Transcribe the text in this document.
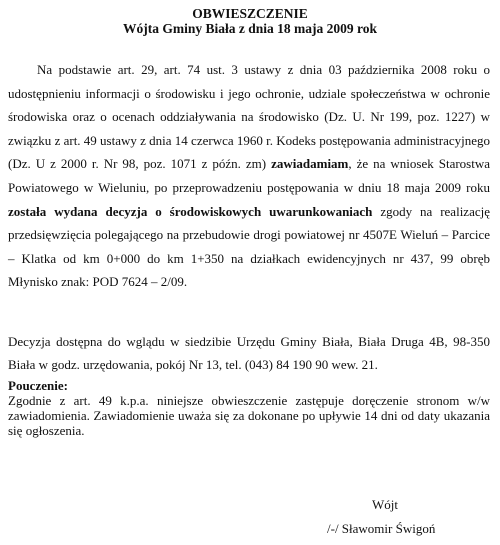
OBWIESZCZENIE
Wójta Gminy Biała z dnia 18 maja 2009 rok
Na podstawie art. 29, art. 74 ust. 3 ustawy z dnia 03 października 2008 roku o udostępnieniu informacji o środowisku i jego ochronie, udziale społeczeństwa w ochronie środowiska oraz o ocenach oddziaływania na środowisko (Dz. U. Nr 199, poz. 1227) w związku z art. 49 ustawy z dnia 14 czerwca 1960 r. Kodeks postępowania administracyjnego (Dz. U z 2000 r. Nr 98, poz. 1071 z późn. zm) zawiadamiam, że na wniosek Starostwa Powiatowego w Wieluniu, po przeprowadzeniu postępowania w dniu 18 maja 2009 roku została wydana decyzja o środowiskowych uwarunkowaniach zgody na realizację przedsięwzięcia polegającego na przebudowie drogi powiatowej nr 4507E Wieluń – Parcice – Klatka od km 0+000 do km 1+350 na działkach ewidencyjnych nr 437, 99 obręb Młynisko znak: POD 7624 – 2/09.
Decyzja dostępna do wglądu w siedzibie Urzędu Gminy Biała, Biała Druga 4B, 98-350 Biała w godz. urzędowania, pokój Nr 13, tel. (043) 84 190 90 wew. 21.
Pouczenie:
Zgodnie z art. 49 k.p.a. niniejsze obwieszczenie zastępuje doręczenie stronom w/w zawiadomienia. Zawiadomienie uważa się za dokonane po upływie 14 dni od daty ukazania się ogłoszenia.
Wójt
/-/ Sławomir Świgoń
